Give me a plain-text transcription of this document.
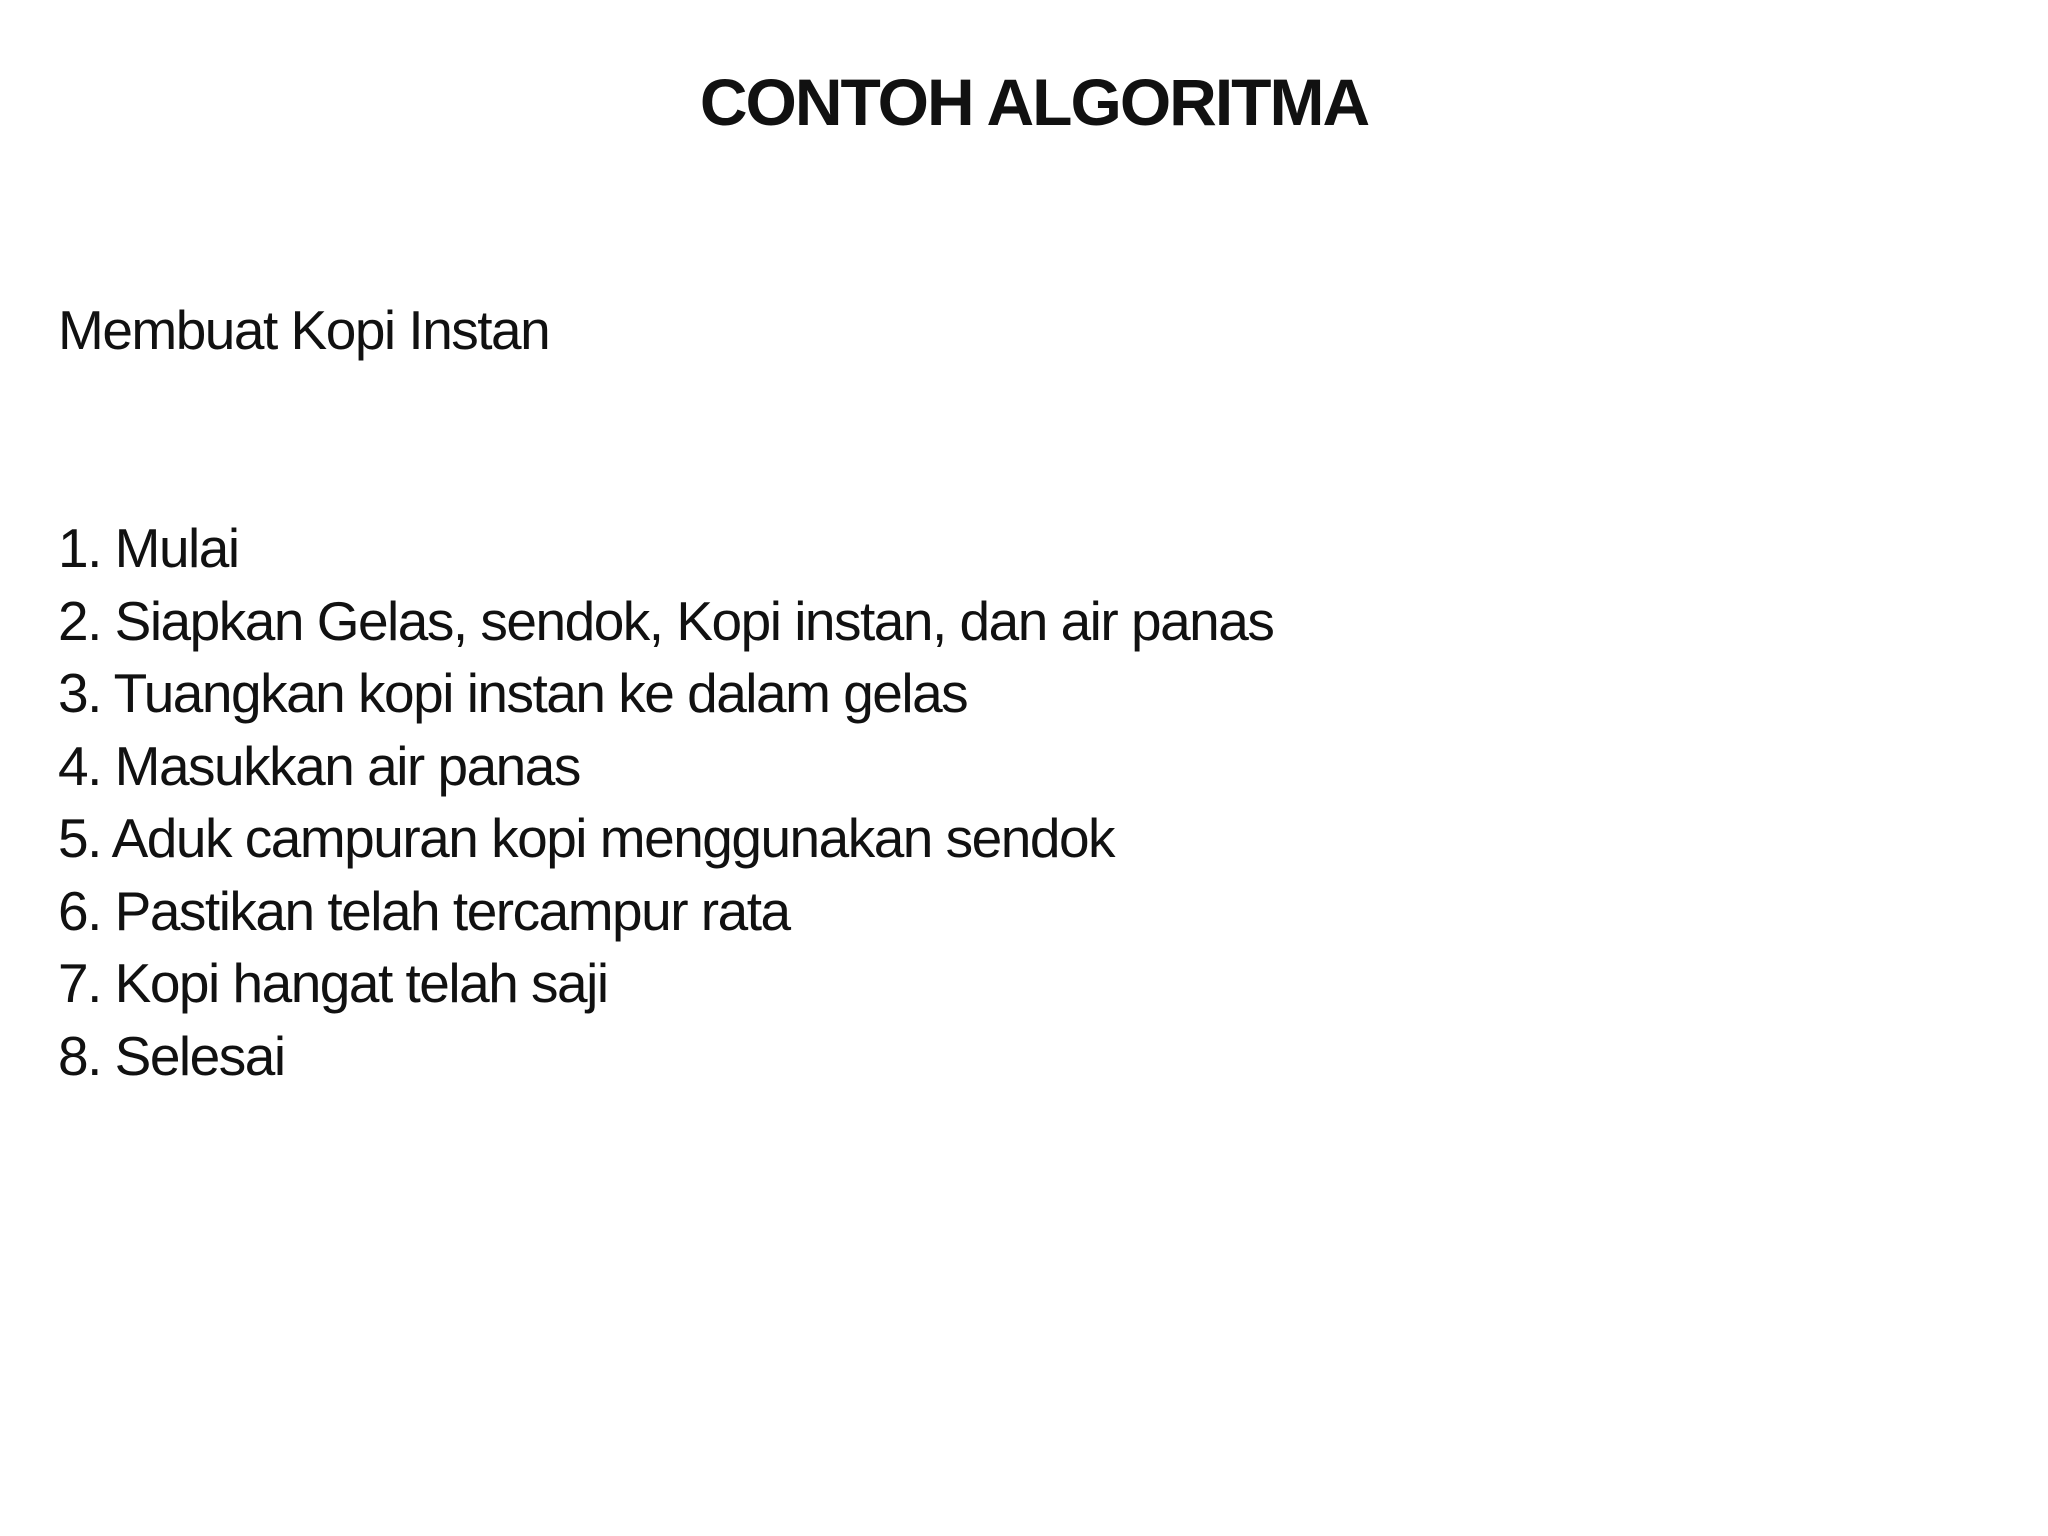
CONTOH ALGORITMA

Membuat Kopi Instan

1. Mulai
2. Siapkan Gelas, sendok, Kopi instan, dan air panas
3. Tuangkan kopi instan ke dalam gelas
4. Masukkan air panas
5. Aduk campuran kopi menggunakan sendok
6. Pastikan telah tercampur rata
7. Kopi hangat telah saji
8. Selesai
